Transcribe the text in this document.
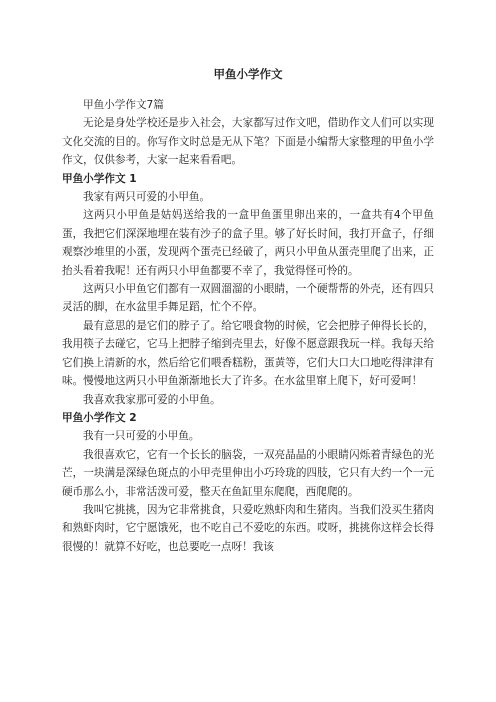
甲鱼小学作文

甲鱼小学作文7篇

无论是身处学校还是步入社会，大家都写过作文吧，借助作文人们可以实现文化交流的目的。你写作文时总是无从下笔？下面是小编帮大家整理的甲鱼小学作文，仅供参考，大家一起来看看吧。

甲鱼小学作文 1

我家有两只可爱的小甲鱼。

这两只小甲鱼是姑妈送给我的一盒甲鱼蛋里卵出来的，一盒共有4个甲鱼蛋，我把它们深深地埋在装有沙子的盒子里。够了好长时间，我打开盒子，仔细观察沙堆里的小蛋，发现两个蛋壳已经破了，两只小甲鱼从蛋壳里爬了出来，正抬头看着我呢！还有两只小甲鱼都要不幸了，我觉得怪可怜的。

这两只小甲鱼它们都有一双圆溜溜的小眼睛，一个硬帮帮的外壳，还有四只灵活的脚，在水盆里手舞足蹈，忙个不停。

最有意思的是它们的脖子了。给它喂食物的时候，它会把脖子伸得长长的，我用筷子去碰它，它马上把脖子缩到壳里去，好像不愿意跟我玩一样。我每天给它们换上清新的水，然后给它们喂香糕粉，蛋黄等，它们大口大口地吃得津津有味。慢慢地这两只小甲鱼渐渐地长大了许多。在水盆里窜上爬下，好可爱呵！

我喜欢我家那可爱的小甲鱼。

甲鱼小学作文 2

我有一只可爱的小甲鱼。

我很喜欢它，它有一个长长的脑袋，一双亮晶晶的小眼睛闪烁着青绿色的光芒，一块满是深绿色斑点的小甲壳里伸出小巧玲珑的四肢，它只有大约一个一元硬币那么小，非常活泼可爱，整天在鱼缸里东爬爬，西爬爬的。

我叫它挑挑，因为它非常挑食，只爱吃熟虾肉和生猪肉。当我们没买生猪肉和熟虾肉时，它宁愿饿死，也不吃自己不爱吃的东西。哎呀，挑挑你这样会长得很慢的！就算不好吃，也总要吃一点呀！我该
